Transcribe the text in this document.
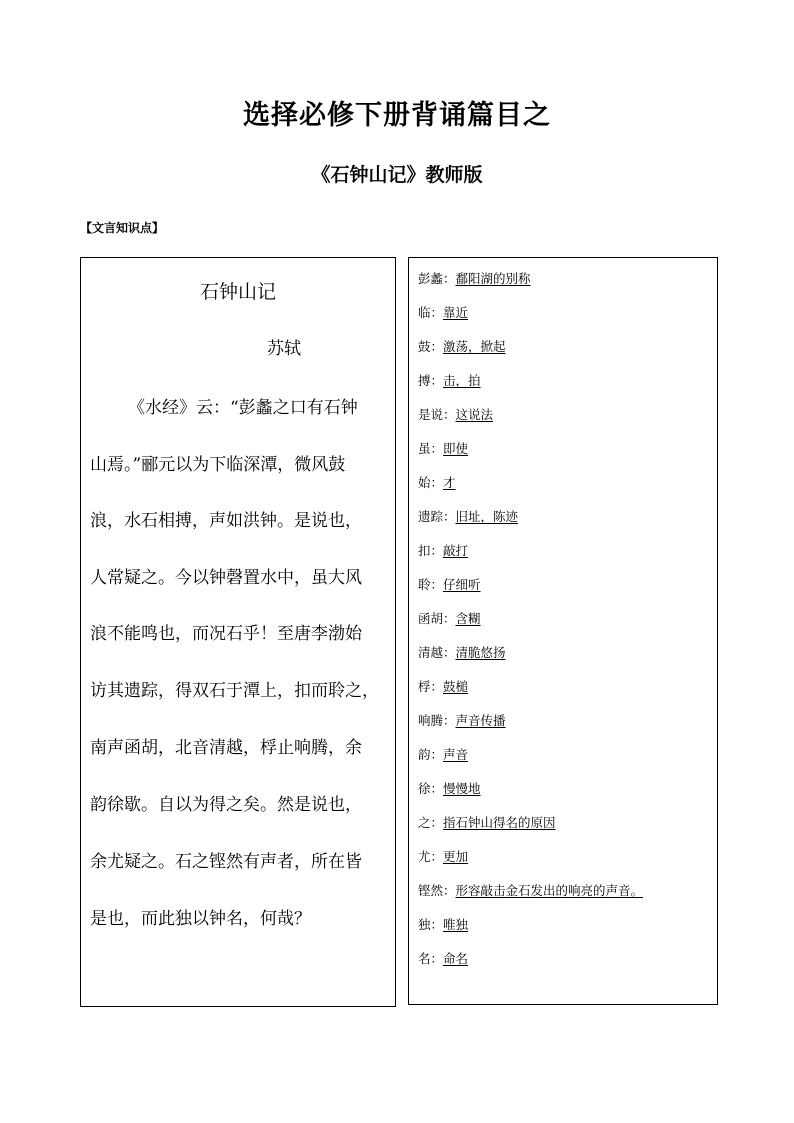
选择必修下册背诵篇目之
《石钟山记》教师版
【文言知识点】
石钟山记
苏轼
《水经》云：“彭蠡之口有石钟
山焉。”郦元以为下临深潭，微风鼓
浪，水石相搏，声如洪钟。是说也，
人常疑之。今以钟磬置水中，虽大风
浪不能鸣也，而况石乎！至唐李渤始
访其遗踪，得双石于潭上，扣而聆之，
南声函胡，北音清越，桴止响腾，余
韵徐歇。自以为得之矣。然是说也，
余尤疑之。石之铿然有声者，所在皆
是也，而此独以钟名，何哉？
彭蠡：鄱阳湖的别称
临：靠近
鼓：激荡，掀起
搏：击，拍
是说：这说法
虽：即使
始：才
遗踪：旧址，陈迹
扣：敲打
聆：仔细听
函胡：含糊
清越：清脆悠扬
桴：鼓槌
响腾：声音传播
韵：声音
徐：慢慢地
之：指石钟山得名的原因
尤：更加
铿然：形容敲击金石发出的响亮的声音。
独：唯独
名：命名
